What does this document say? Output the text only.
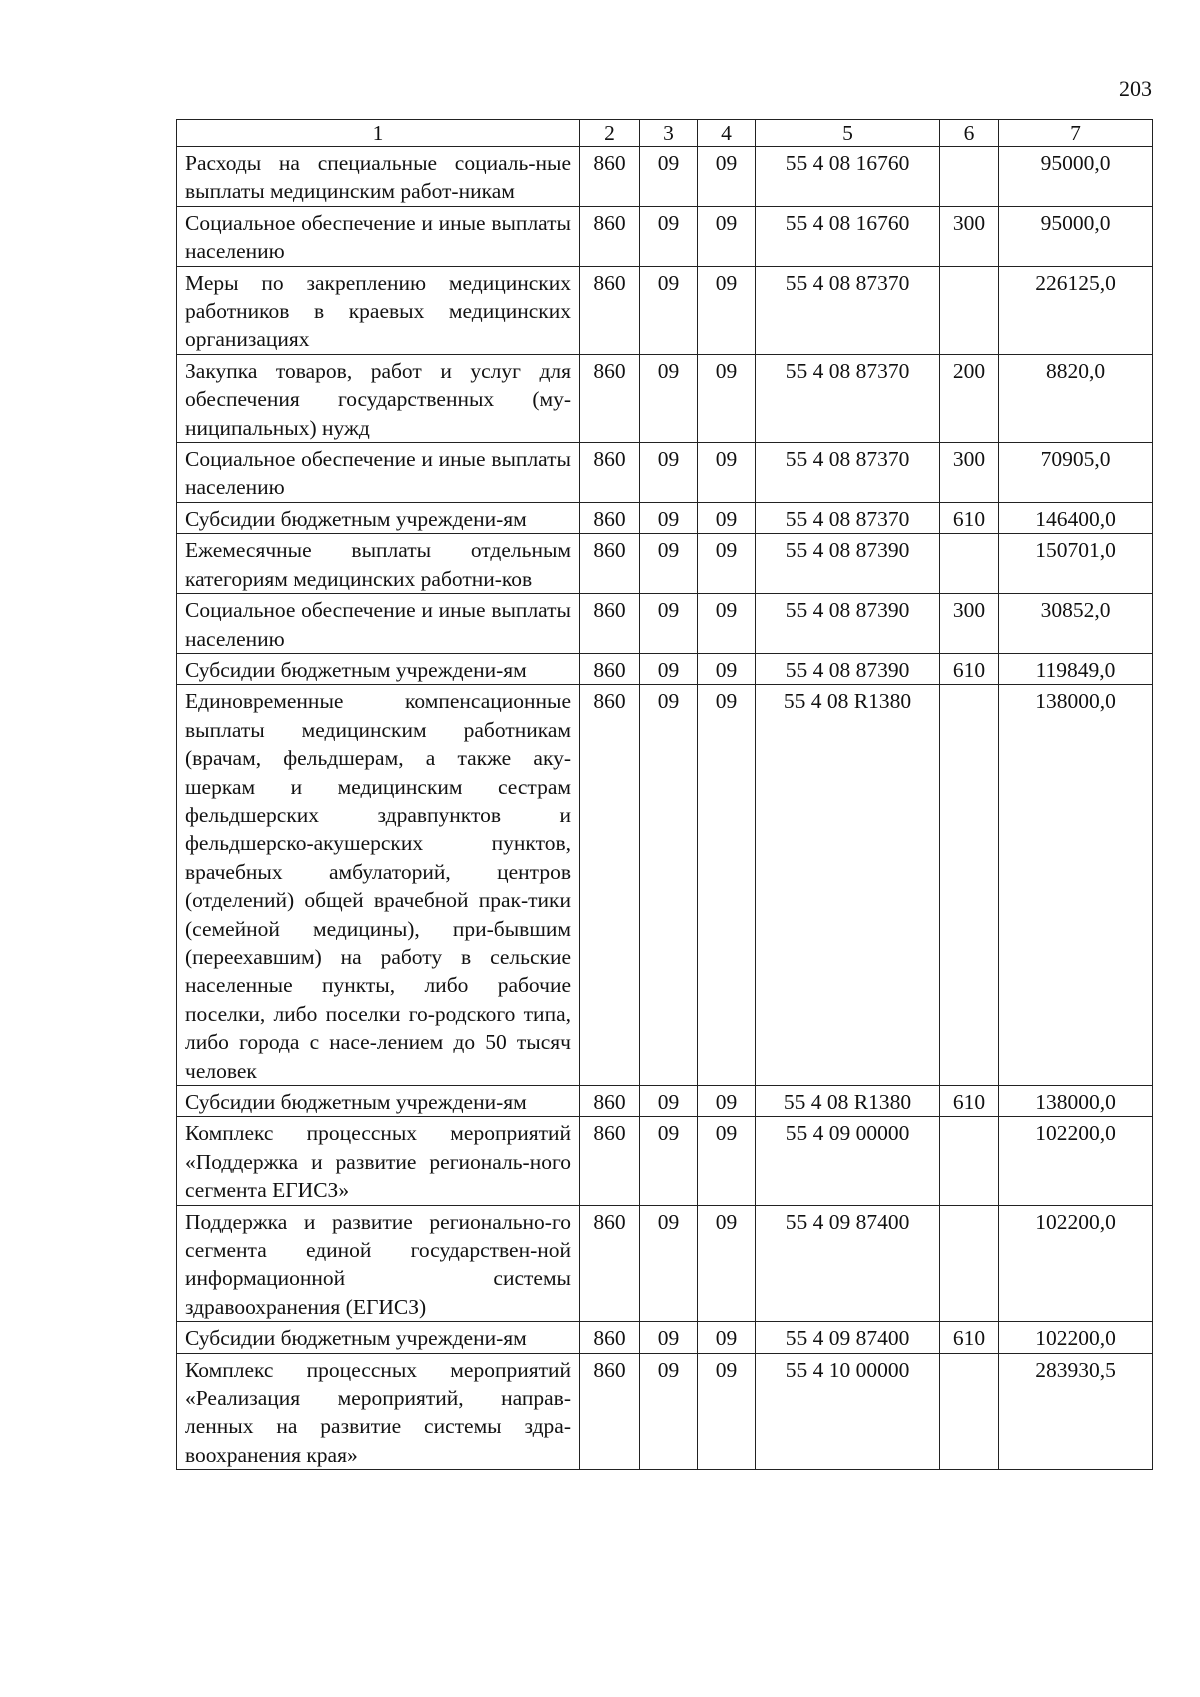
203
1	2	3	4	5	6	7
Расходы на специальные социаль-ные выплаты медицинским работ-никам	860	09	09	55 4 08 16760		95000,0
Социальное обеспечение и иные выплаты населению	860	09	09	55 4 08 16760	300	95000,0
Меры по закреплению медицинских работников в краевых медицинских организациях	860	09	09	55 4 08 87370		226125,0
Закупка товаров, работ и услуг для обеспечения государственных (му-ниципальных) нужд	860	09	09	55 4 08 87370	200	8820,0
Социальное обеспечение и иные выплаты населению	860	09	09	55 4 08 87370	300	70905,0
Субсидии бюджетным учреждени-ям	860	09	09	55 4 08 87370	610	146400,0
Ежемесячные выплаты отдельным категориям медицинских работни-ков	860	09	09	55 4 08 87390		150701,0
Социальное обеспечение и иные выплаты населению	860	09	09	55 4 08 87390	300	30852,0
Субсидии бюджетным учреждени-ям	860	09	09	55 4 08 87390	610	119849,0
Единовременные компенсационные выплаты медицинским работникам (врачам, фельдшерам, а также аку-шеркам и медицинским сестрам фельдшерских здравпунктов и фельдшерско-акушерских пунктов, врачебных амбулаторий, центров (отделений) общей врачебной прак-тики (семейной медицины), при-бывшим (переехавшим) на работу в сельские населенные пункты, либо рабочие поселки, либо поселки го-родского типа, либо города с насе-лением до 50 тысяч человек	860	09	09	55 4 08 R1380		138000,0
Субсидии бюджетным учреждени-ям	860	09	09	55 4 08 R1380	610	138000,0
Комплекс процессных мероприятий «Поддержка и развитие региональ-ного сегмента ЕГИСЗ»	860	09	09	55 4 09 00000		102200,0
Поддержка и развитие регионально-го сегмента единой государствен-ной информационной системы здравоохранения (ЕГИСЗ)	860	09	09	55 4 09 87400		102200,0
Субсидии бюджетным учреждени-ям	860	09	09	55 4 09 87400	610	102200,0
Комплекс процессных мероприятий «Реализация мероприятий, направ-ленных на развитие системы здра-воохранения края»	860	09	09	55 4 10 00000		283930,5
